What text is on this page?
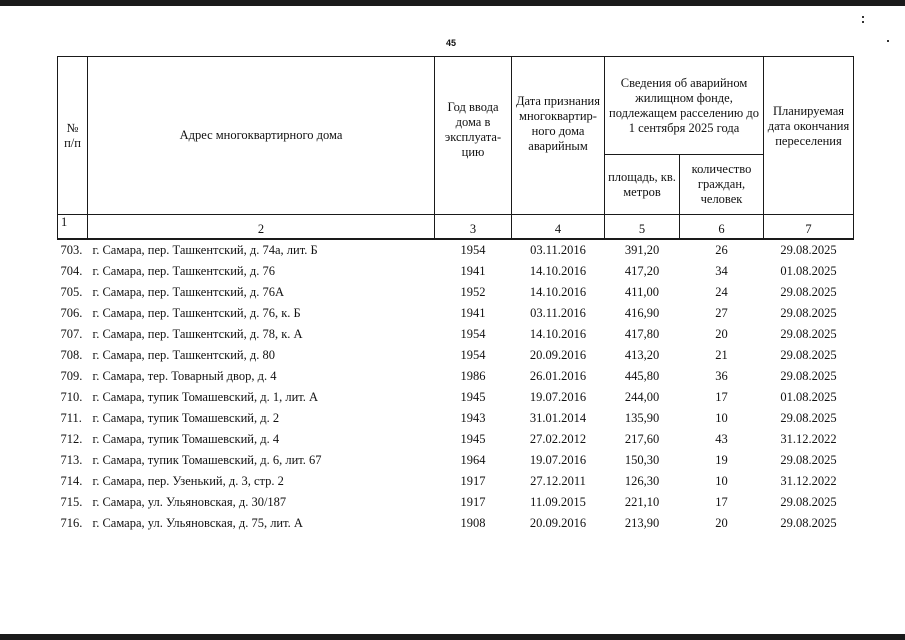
45
№ п/п	Адрес многоквартирного дома	Год ввода дома в эксплуата-цию	Дата признания многоквартир-ного дома аварийным	Сведения об аварийном жилищном фонде, подлежащем расселению до 1 сентября 2025 года		Планируемая дата окончания переселения
				площадь, кв. метров	количество граждан, человек	
1	2	3	4	5	6	7
703. г. Самара, пер. Ташкентский, д. 74а, лит. Б		1954	03.11.2016	391,20	26	29.08.2025
704. г. Самара, пер. Ташкентский, д. 76		1941	14.10.2016	417,20	34	01.08.2025
705. г. Самара, пер. Ташкентский, д. 76А		1952	14.10.2016	411,00	24	29.08.2025
706. г. Самара, пер. Ташкентский, д. 76, к. Б		1941	03.11.2016	416,90	27	29.08.2025
707. г. Самара, пер. Ташкентский, д. 78, к. А		1954	14.10.2016	417,80	20	29.08.2025
708. г. Самара, пер. Ташкентский, д. 80		1954	20.09.2016	413,20	21	29.08.2025
709. г. Самара, тер. Товарный двор, д. 4		1986	26.01.2016	445,80	36	29.08.2025
710. г. Самара, тупик Томашевский, д. 1, лит. А		1945	19.07.2016	244,00	17	01.08.2025
711. г. Самара, тупик Томашевский, д. 2		1943	31.01.2014	135,90	10	29.08.2025
712. г. Самара, тупик Томашевский, д. 4		1945	27.02.2012	217,60	43	31.12.2022
713. г. Самара, тупик Томашевский, д. 6, лит. 67		1964	19.07.2016	150,30	19	29.08.2025
714. г. Самара, пер. Узенький, д. 3, стр. 2		1917	27.12.2011	126,30	10	31.12.2022
715. г. Самара, ул. Ульяновская, д. 30/187		1917	11.09.2015	221,10	17	29.08.2025
716. г. Самара, ул. Ульяновская, д. 75, лит. А		1908	20.09.2016	213,90	20	29.08.2025
